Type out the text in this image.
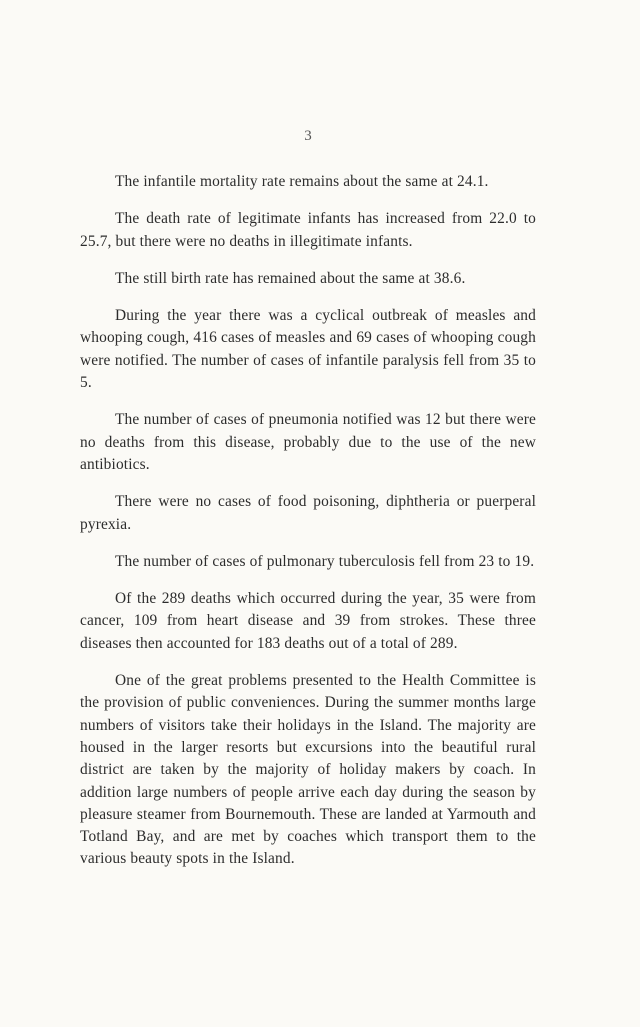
3

The infantile mortality rate remains about the same at 24.1.

The death rate of legitimate infants has increased from 22.0 to 25.7, but there were no deaths in illegitimate infants.

The still birth rate has remained about the same at 38.6.

During the year there was a cyclical outbreak of measles and whooping cough, 416 cases of measles and 69 cases of whooping cough were notified. The number of cases of infantile paralysis fell from 35 to 5.

The number of cases of pneumonia notified was 12 but there were no deaths from this disease, probably due to the use of the new antibiotics.

There were no cases of food poisoning, diphtheria or puerperal pyrexia.

The number of cases of pulmonary tuberculosis fell from 23 to 19.

Of the 289 deaths which occurred during the year, 35 were from cancer, 109 from heart disease and 39 from strokes. These three diseases then accounted for 183 deaths out of a total of 289.

One of the great problems presented to the Health Committee is the provision of public conveniences. During the summer months large numbers of visitors take their holidays in the Island. The majority are housed in the larger resorts but excursions into the beautiful rural district are taken by the majority of holiday makers by coach. In addition large numbers of people arrive each day during the season by pleasure steamer from Bournemouth. These are landed at Yarmouth and Totland Bay, and are met by coaches which transport them to the various beauty spots in the Island.
